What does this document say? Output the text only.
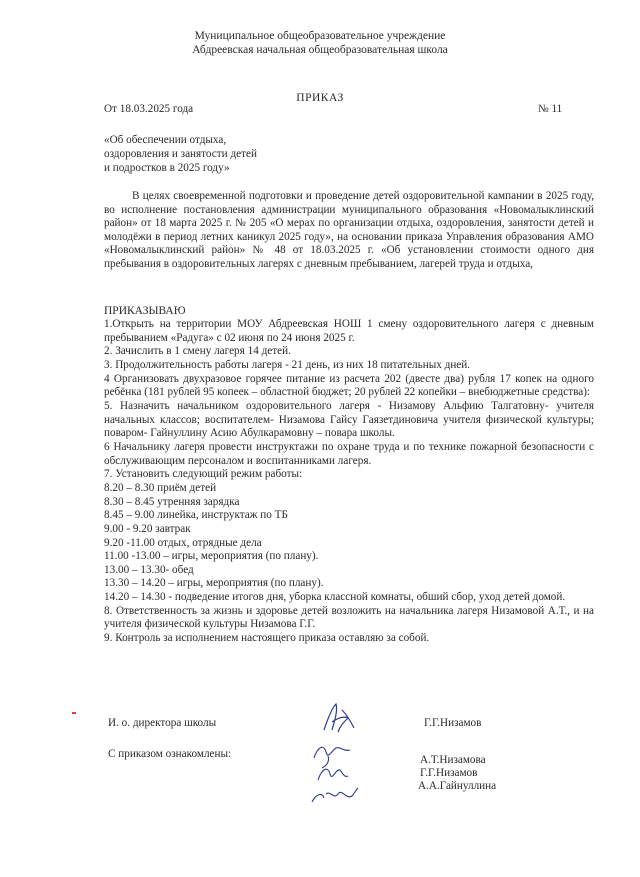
Муниципальное общеобразовательное учреждение
Абдреевская начальная общеобразовательная школа
ПРИКАЗ
От 18.03.2025 года	№ 11
«Об обеспечении отдыха,
оздоровления и занятости детей
и подростков в 2025 году»
В целях своевременной подготовки и проведение детей оздоровительной кампании в 2025 году, во исполнение постановления администрации муниципального образования «Новомалыклинский район» от 18 марта 2025 г. № 205 «О мерах по организации отдыха, оздоровления, занятости детей и молодёжи в период летних каникул 2025 году», на основании приказа Управления образования АМО «Новомалыклинский район» № 48 от 18.03.2025 г. «Об установлении стоимости одного дня пребывания в оздоровительных лагерях с дневным пребыванием, лагерей труда и отдыха,
ПРИКАЗЫВАЮ
1.Открыть на территории МОУ Абдреевская НОШ 1 смену оздоровительного лагеря с дневным пребыванием «Радуга» с 02 июня по 24 июня 2025 г.
2. Зачислить в 1 смену лагеря 14 детей.
3. Продолжительность работы лагеря - 21 день, из них 18 питательных дней.
4 Организовать двухразовое горячее питание из расчета 202 (двесте два) рубля 17 копек на одного ребёнка (181 рублей 95 копеек – областной бюджет; 20 рублей 22 копейки – внебюджетные средства):
5. Назначить начальником оздоровительного лагеря - Низамову Альфию Талгатовну- учителя начальных классов; воспитателем- Низамова Гайсу Гаязетдиновича учителя физической культуры; поваром- Гайнуллину Асию Абулкарамовну – повара школы.
6 Начальнику лагеря провести инструктажи по охране труда и по технике пожарной безопасности с обслуживающим персоналом и воспитанниками лагеря.
7. Установить следующий режим работы:
8.20 – 8.30 приём детей
8.30 – 8.45 утренняя зарядка
8.45 – 9.00 линейка, инструктаж по ТБ
9.00 - 9.20 завтрак
9.20 -11.00 отдых, отрядные дела
11.00 -13.00 – игры, мероприятия (по плану).
13.00 – 13.30- обед
13.30 – 14.20 – игры, мероприятия (по плану).
14.20 – 14.30 - подведение итогов дня, уборка классной комнаты, обший сбор, уход детей домой.
8. Ответственность за жизнь и здоровье детей возложить на начальника лагеря Низамовой А.Т., и на учителя физической культуры Низамова Г.Г.
9. Контроль за исполнением настоящего приказа оставляю за собой.
И. о. директора школы	Г.Г.Низамов
С приказом ознакомлены:	А.Т.Низамова
Г.Г.Низамов
А.А.Гайнуллина
